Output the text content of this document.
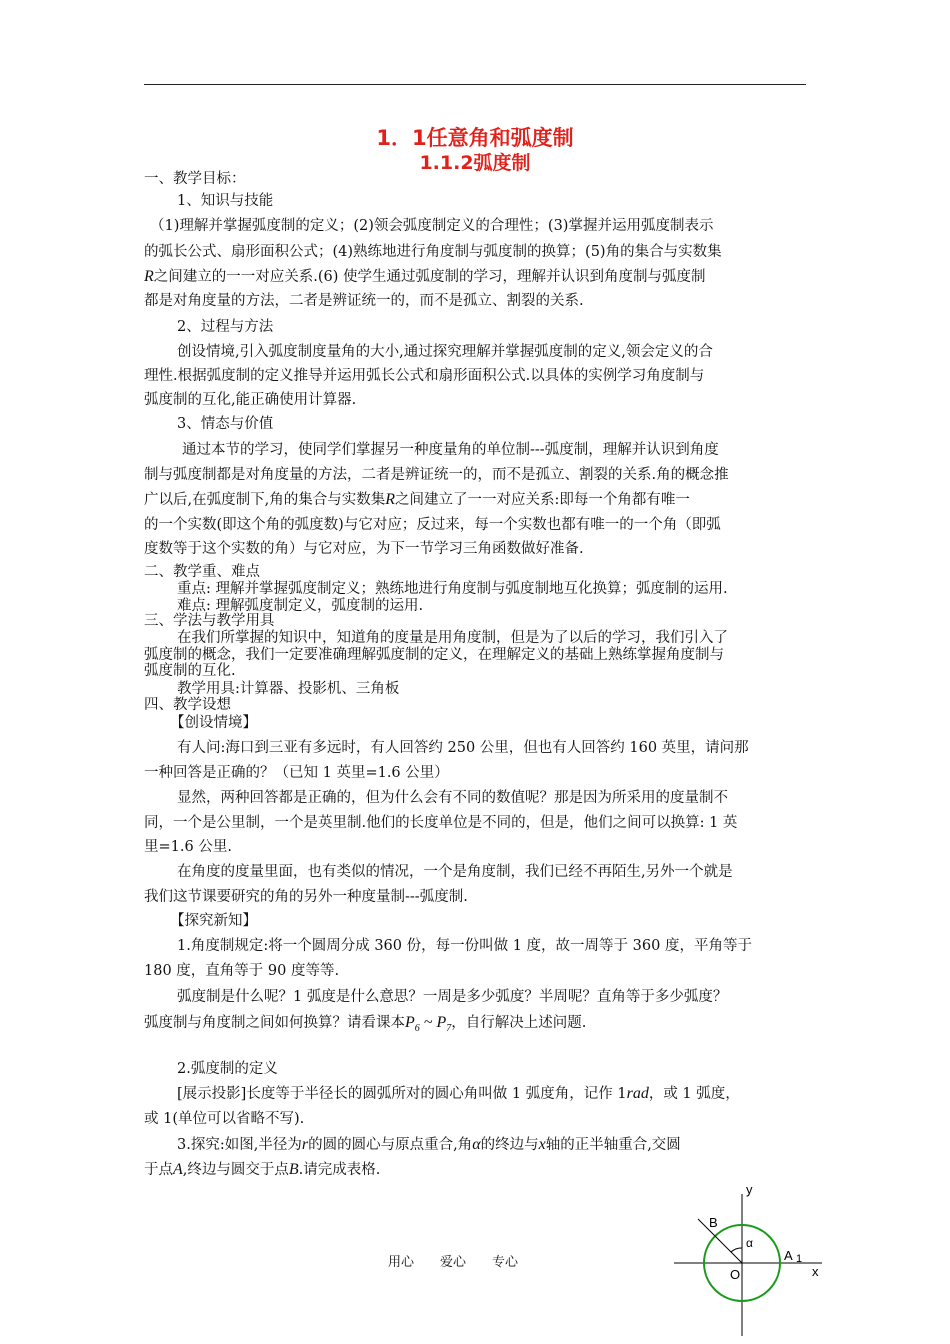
1．1任意角和弧度制
1.1.2弧度制
一、教学目标：
1、知识与技能
（1)理解并掌握弧度制的定义；(2)领会弧度制定义的合理性；(3)掌握并运用弧度制表示
的弧长公式、扇形面积公式；(4)熟练地进行角度制与弧度制的换算；(5)角的集合与实数集
R之间建立的一一对应关系.(6) 使学生通过弧度制的学习，理解并认识到角度制与弧度制
都是对角度量的方法，二者是辨证统一的，而不是孤立、割裂的关系.
2、过程与方法
创设情境,引入弧度制度量角的大小,通过探究理解并掌握弧度制的定义,领会定义的合
理性.根据弧度制的定义推导并运用弧长公式和扇形面积公式.以具体的实例学习角度制与
弧度制的互化,能正确使用计算器.
3、情态与价值
通过本节的学习，使同学们掌握另一种度量角的单位制---弧度制，理解并认识到角度
制与弧度制都是对角度量的方法，二者是辨证统一的，而不是孤立、割裂的关系.角的概念推
广以后,在弧度制下,角的集合与实数集R之间建立了一一对应关系:即每一个角都有唯一
的一个实数(即这个角的弧度数)与它对应；反过来，每一个实数也都有唯一的一个角（即弧
度数等于这个实数的角）与它对应，为下一节学习三角函数做好准备.
二、教学重、难点
重点: 理解并掌握弧度制定义；熟练地进行角度制与弧度制地互化换算；弧度制的运用.
难点: 理解弧度制定义，弧度制的运用.
三、学法与教学用具
在我们所掌握的知识中，知道角的度量是用角度制，但是为了以后的学习，我们引入了
弧度制的概念，我们一定要准确理解弧度制的定义，在理解定义的基础上熟练掌握角度制与
弧度制的互化.
教学用具:计算器、投影机、三角板
四、教学设想
【创设情境】
有人问:海口到三亚有多远时，有人回答约 250 公里，但也有人回答约 160 英里，请问那
一种回答是正确的？（已知 1 英里=1.6 公里）
显然，两种回答都是正确的，但为什么会有不同的数值呢？那是因为所采用的度量制不
同，一个是公里制，一个是英里制.他们的长度单位是不同的，但是，他们之间可以换算: 1 英
里=1.6 公里.
在角度的度量里面，也有类似的情况，一个是角度制，我们已经不再陌生,另外一个就是
我们这节课要研究的角的另外一种度量制---弧度制.
【探究新知】
1.角度制规定:将一个圆周分成 360 份，每一份叫做 1 度，故一周等于 360 度，平角等于
180 度，直角等于 90 度等等.
弧度制是什么呢？1 弧度是什么意思？一周是多少弧度？半周呢？直角等于多少弧度？
弧度制与角度制之间如何换算？请看课本$P_6$ ~ $P_7$，自行解决上述问题.
2.弧度制的定义
[展示投影]长度等于半径长的圆弧所对的圆心角叫做 1 弧度角，记作 1rad，或 1 弧度，
或 1(单位可以省略不写).
3.探究:如图,半径为r的圆的圆心与原点重合,角α的终边与x轴的正半轴重合,交圆
于点A,终边与圆交于点B.请完成表格.
y
x
B
A 1
O
α
用心 爱心 专心
